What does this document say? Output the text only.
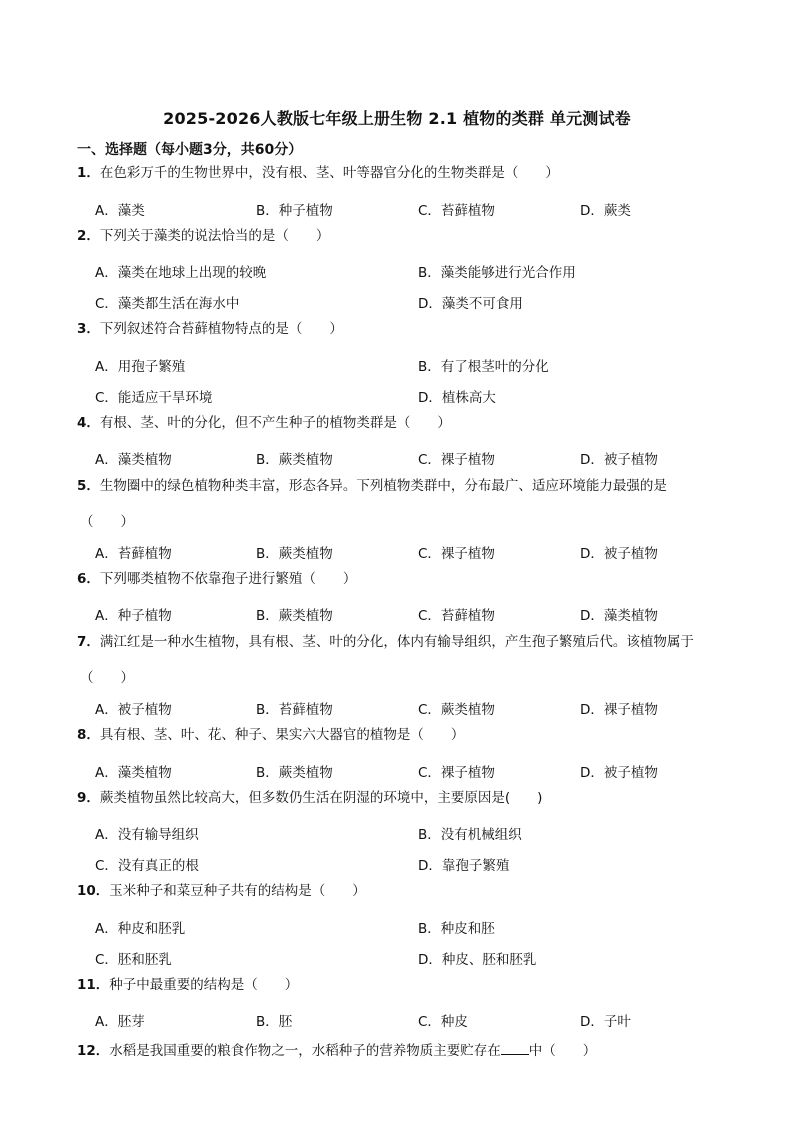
2025-2026人教版七年级上册生物 2.1 植物的类群 单元测试卷
一、选择题（每小题3分，共60分）
1．在色彩万千的生物世界中，没有根、茎、叶等器官分化的生物类群是（　　）
A．藻类	B．种子植物	C．苔藓植物	D．蕨类
2．下列关于藻类的说法恰当的是（　　）
A．藻类在地球上出现的较晚	B．藻类能够进行光合作用
C．藻类都生活在海水中	D．藻类不可食用
3．下列叙述符合苔藓植物特点的是（　　）
A．用孢子繁殖	B．有了根茎叶的分化
C．能适应干旱环境	D．植株高大
4．有根、茎、叶的分化，但不产生种子的植物类群是（　　）
A．藻类植物	B．蕨类植物	C．裸子植物	D．被子植物
5．生物圈中的绿色植物种类丰富，形态各异。下列植物类群中，分布最广、适应环境能力最强的是
（　　）
A．苔藓植物	B．蕨类植物	C．裸子植物	D．被子植物
6．下列哪类植物不依靠孢子进行繁殖（　　）
A．种子植物	B．蕨类植物	C．苔藓植物	D．藻类植物
7．满江红是一种水生植物，具有根、茎、叶的分化，体内有输导组织，产生孢子繁殖后代。该植物属于
（　　）
A．被子植物	B．苔藓植物	C．蕨类植物	D．裸子植物
8．具有根、茎、叶、花、种子、果实六大器官的植物是（　　）
A．藻类植物	B．蕨类植物	C．裸子植物	D．被子植物
9．蕨类植物虽然比较高大，但多数仍生活在阴湿的环境中，主要原因是(　　)
A．没有输导组织	B．没有机械组织
C．没有真正的根	D．靠孢子繁殖
10．玉米种子和菜豆种子共有的结构是（　　）
A．种皮和胚乳	B．种皮和胚
C．胚和胚乳	D．种皮、胚和胚乳
11．种子中最重要的结构是（　　）
A．胚芽	B．胚	C．种皮	D．子叶
12．水稻是我国重要的粮食作物之一，水稻种子的营养物质主要贮存在 中（　　）
